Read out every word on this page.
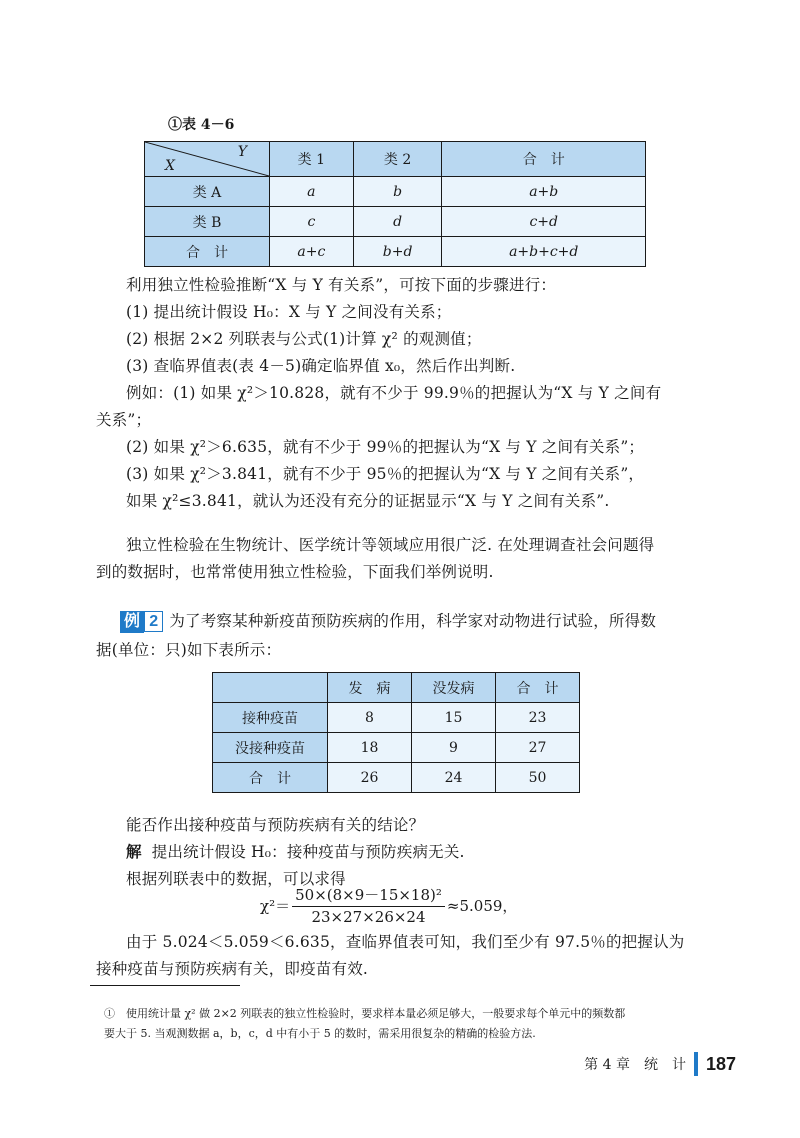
①表 4－6
Y
X	类 1	类 2	合　计
类 A	a	b	a+b
类 B	c	d	c+d
合　计	a+c	b+d	a+b+c+d
利用独立性检验推断“X 与 Y 有关系”，可按下面的步骤进行：
(1) 提出统计假设 H₀：X 与 Y 之间没有关系；
(2) 根据 2×2 列联表与公式(1)计算 χ² 的观测值；
(3) 查临界值表(表 4－5)确定临界值 x₀，然后作出判断.
例如：(1) 如果 χ²＞10.828，就有不少于 99.9％的把握认为“X 与 Y 之间有
关系”；
(2) 如果 χ²＞6.635，就有不少于 99％的把握认为“X 与 Y 之间有关系”；
(3) 如果 χ²＞3.841，就有不少于 95％的把握认为“X 与 Y 之间有关系”，
如果 χ²≤3.841，就认为还没有充分的证据显示“X 与 Y 之间有关系”.
独立性检验在生物统计、医学统计等领域应用很广泛. 在处理调查社会问题得
到的数据时，也常常使用独立性检验，下面我们举例说明.
例 2 为了考察某种新疫苗预防疾病的作用，科学家对动物进行试验，所得数
据(单位：只)如下表所示：
	发　病	没发病	合　计
接种疫苗	8	15	23
没接种疫苗	18	9	27
合　计	26	24	50
能否作出接种疫苗与预防疾病有关的结论？
解 提出统计假设 H₀：接种疫苗与预防疾病无关.
根据列联表中的数据，可以求得
$\chi^2= \frac{\text{50×(8×9－15×18)²}}{23\times 27\times 26\times 24} \approx 5.059$，
由于 5.024＜5.059＜6.635，查临界值表可知，我们至少有 97.5％的把握认为
接种疫苗与预防疾病有关，即疫苗有效.
①　使用统计量 χ² 做 2×2 列联表的独立性检验时，要求样本量必须足够大，一般要求每个单元中的频数都
要大于 5. 当观测数据 a，b，c，d 中有小于 5 的数时，需采用很复杂的精确的检验方法.
第 4 章　统　计 187
